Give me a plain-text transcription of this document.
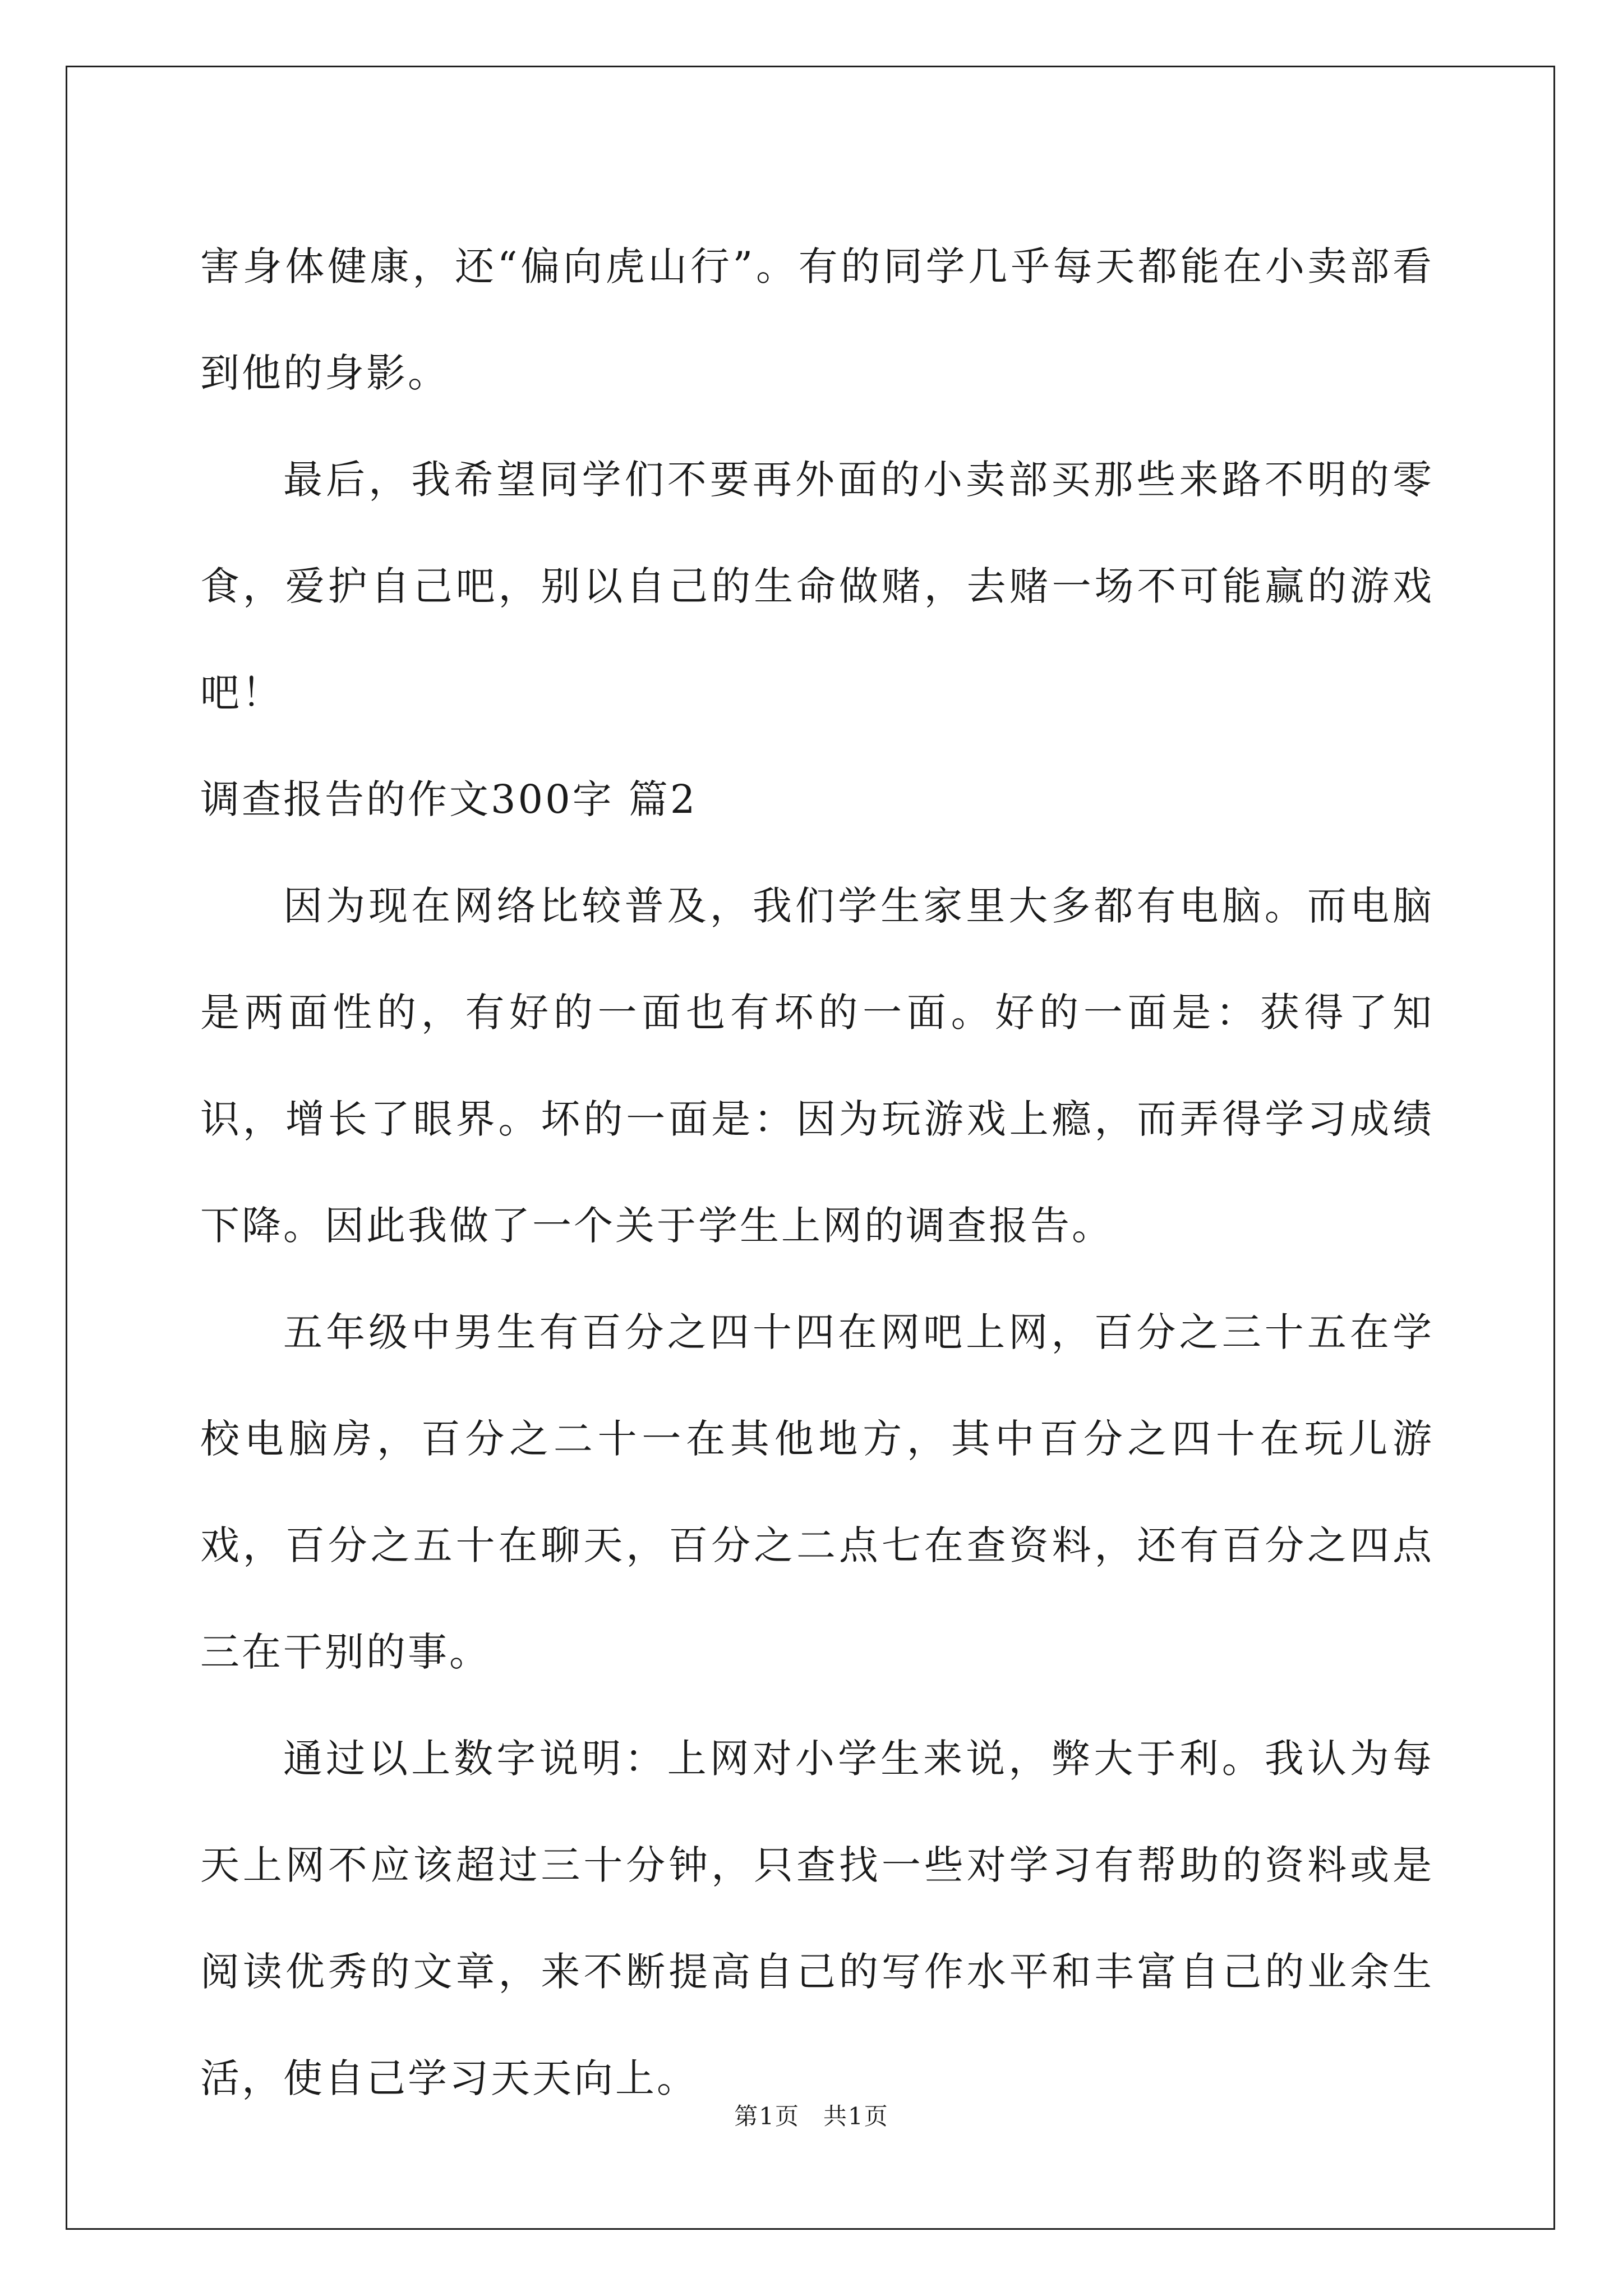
害身体健康，还“偏向虎山行”。有的同学几乎每天都能在小卖部看到他的身影。

最后，我希望同学们不要再外面的小卖部买那些来路不明的零食，爱护自己吧，别以自己的生命做赌，去赌一场不可能赢的游戏吧！

调查报告的作文300字 篇2

因为现在网络比较普及，我们学生家里大多都有电脑。而电脑是两面性的，有好的一面也有坏的一面。好的一面是：获得了知识，增长了眼界。坏的一面是：因为玩游戏上瘾，而弄得学习成绩下降。因此我做了一个关于学生上网的调查报告。

五年级中男生有百分之四十四在网吧上网，百分之三十五在学校电脑房，百分之二十一在其他地方，其中百分之四十在玩儿游戏，百分之五十在聊天，百分之二点七在查资料，还有百分之四点三在干别的事。

通过以上数字说明：上网对小学生来说，弊大于利。我认为每天上网不应该超过三十分钟，只查找一些对学习有帮助的资料或是阅读优秀的文章，来不断提高自己的写作水平和丰富自己的业余生活，使自己学习天天向上。

第1页 共1页
